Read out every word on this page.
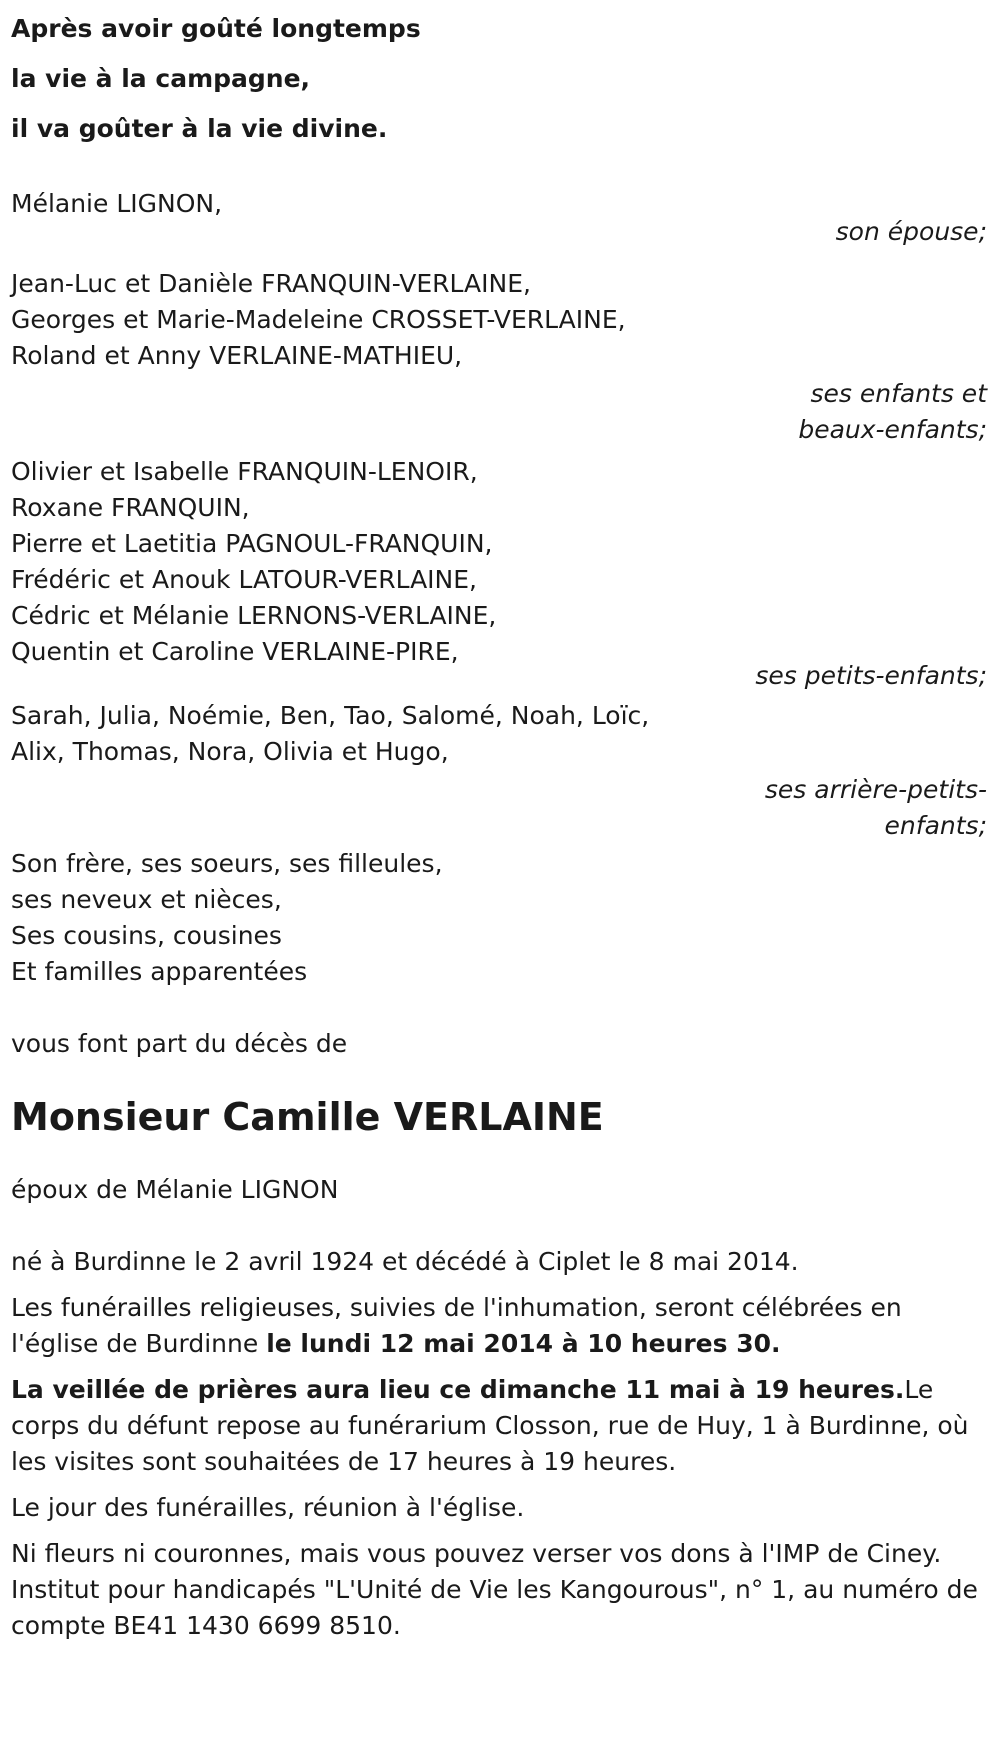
Après avoir goûté longtemps
la vie à la campagne,
il va goûter à la vie divine.
Mélanie LIGNON,
son épouse;
Jean-Luc et Danièle FRANQUIN-VERLAINE,
Georges et Marie-Madeleine CROSSET-VERLAINE,
Roland et Anny VERLAINE-MATHIEU,
ses enfants et
beaux-enfants;
Olivier et Isabelle FRANQUIN-LENOIR,
Roxane FRANQUIN,
Pierre et Laetitia PAGNOUL-FRANQUIN,
Frédéric et Anouk LATOUR-VERLAINE,
Cédric et Mélanie LERNONS-VERLAINE,
Quentin et Caroline VERLAINE-PIRE,
ses petits-enfants;
Sarah, Julia, Noémie, Ben, Tao, Salomé, Noah, Loïc,
Alix, Thomas, Nora, Olivia et Hugo,
ses arrière-petits-
enfants;
Son frère, ses soeurs, ses filleules,
ses neveux et nièces,
Ses cousins, cousines
Et familles apparentées
vous font part du décès de
Monsieur Camille VERLAINE
époux de Mélanie LIGNON
né à Burdinne le 2 avril 1924 et décédé à Ciplet le 8 mai 2014.
Les funérailles religieuses, suivies de l'inhumation, seront célébrées en l'église de Burdinne le lundi 12 mai 2014 à 10 heures 30.
La veillée de prières aura lieu ce dimanche 11 mai à 19 heures.Le corps du défunt repose au funérarium Closson, rue de Huy, 1 à Burdinne, où les visites sont souhaitées de 17 heures à 19 heures.
Le jour des funérailles, réunion à l'église.
Ni fleurs ni couronnes, mais vous pouvez verser vos dons à l'IMP de Ciney. Institut pour handicapés "L'Unité de Vie les Kangourous", n° 1, au numéro de compte BE41 1430 6699 8510.
